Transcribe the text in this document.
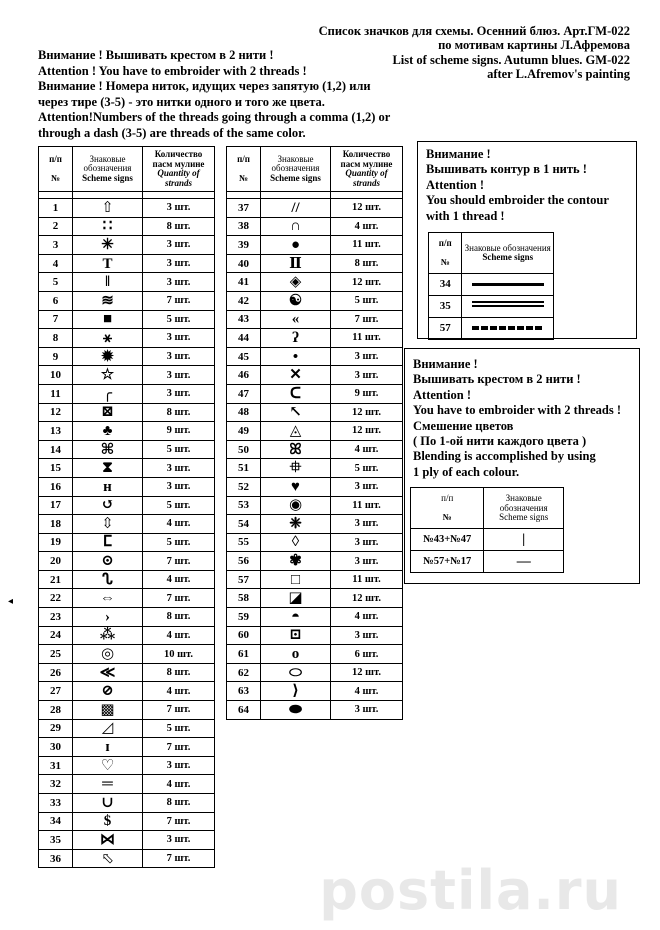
Список значков для схемы. Осенний блюз. Арт.ГМ-022
по мотивам картины Л.Афремова
List of scheme signs. Autumn blues. GM-022
after L.Afremov's painting
Внимание ! Вышивать крестом в 2 нити !
Attention ! You have to embroider with 2 threads !
Внимание ! Номера ниток, идущих через запятую (1,2) или
через тире (3-5) - это нитки одного и того же цвета.
Attention!Numbers of the threads going through a comma (1,2) or
through a dash (3-5) are threads of the same color.
п/п

№	Знаковые обозначения
Scheme signs	Количество пасм мулине
Quantity of strands

1	⇧	3 шт.
2	∷	8 шт.
3	✳	3 шт.
4	T	3 шт.
5	‖	3 шт.
6	≋	7 шт.
7	■	5 шт.
8	⚹	3 шт.
9	✹	3 шт.
10	☆	3 шт.
11	╭	3 шт.
12	⊠	8 шт.
13	♣	9 шт.
14	⌘	5 шт.
15	⧗	3 шт.
16	н	3 шт.
17	↺	5 шт.
18	⇳	4 шт.
19	ⵎ	5 шт.
20	⊙	7 шт.
21	ᔐ	4 шт.
22	⇔	7 шт.
23	›	8 шт.
24	⁂	4 шт.
25	◎	10 шт.
26	≪	8 шт.
27	⊘	4 шт.
28	▩	7 шт.
29	◿	5 шт.
30	ɪ	7 шт.
31	♡	3 шт.
32	═	4 шт.
33	∪	8 шт.
34	$	7 шт.
35	⋈	3 шт.
36	⬁	7 шт.
п/п

№	Знаковые обозначения
Scheme signs	Количество пасм мулине
Quantity of strands

37	//	12 шт.
38	∩	4 шт.
39	●	11 шт.
40	Ⅱ	8 шт.
41	◈	12 шт.
42	☯	5 шт.
43	«	7 шт.
44	ʔ	11 шт.
45	•	3 шт.
46	✕	3 шт.
47	ᑕ	9 шт.
48	↖	12 шт.
49	◬	12 шт.
50	ꕤ	4 шт.
51	⯐	5 шт.
52	♥	3 шт.
53	◉	11 шт.
54	❈	3 шт.
55	◊	3 шт.
56	✾	3 шт.
57	□	11 шт.
58	◪	12 шт.
59	◓	4 шт.
60	⊡	3 шт.
61	ο	6 шт.
62	⬭	12 шт.
63	⟩	4 шт.
64	⬬	3 шт.
Внимание !
Вышивать контур в 1 нить !
Attention !
You should embroider the contour
with 1 thread !
п/п

№	Знаковые обозначения
Scheme signs
34	
35	
57	
Внимание !
Вышивать крестом в 2 нити !
Attention !
You have to embroider with 2 threads !
Смешение цветов
( По 1-ой нити каждого цвета )
Blending is accomplished by using
1 ply of each colour.
п/п

№	Знаковые обозначения
Scheme signs
№43+№47	|
№57+№17	—
◂
postila.ru
